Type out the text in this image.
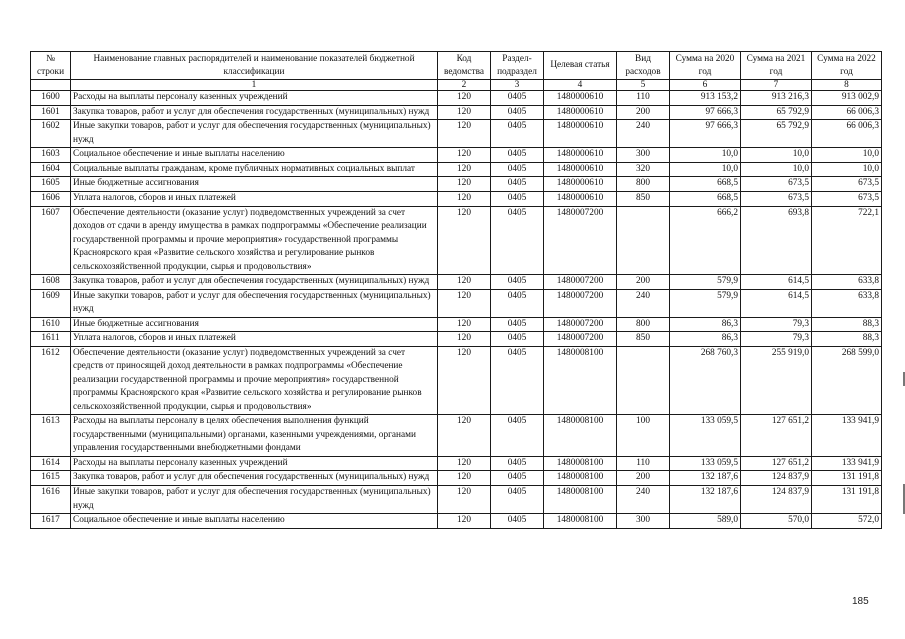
№ строки	Наименование главных распорядителей и наименование показателей бюджетной классификации	Код ведомства	Раздел-подраздел	Целевая статья	Вид расходов	Сумма на 2020 год	Сумма на 2021 год	Сумма на 2022 год
	1	2	3	4	5	6	7	8
1600	Расходы на выплаты персоналу казенных учреждений	120	0405	1480000610	110	913 153,2	913 216,3	913 002,9
1601	Закупка товаров, работ и услуг для обеспечения государственных (муниципальных) нужд	120	0405	1480000610	200	97 666,3	65 792,9	66 006,3
1602	Иные закупки товаров, работ и услуг для обеспечения государственных (муниципальных) нужд	120	0405	1480000610	240	97 666,3	65 792,9	66 006,3
1603	Социальное обеспечение и иные выплаты населению	120	0405	1480000610	300	10,0	10,0	10,0
1604	Социальные выплаты гражданам, кроме публичных нормативных социальных выплат	120	0405	1480000610	320	10,0	10,0	10,0
1605	Иные бюджетные ассигнования	120	0405	1480000610	800	668,5	673,5	673,5
1606	Уплата налогов, сборов и иных платежей	120	0405	1480000610	850	668,5	673,5	673,5
1607	Обеспечение деятельности (оказание услуг) подведомственных учреждений за счет доходов от сдачи в аренду имущества в рамках подпрограммы «Обеспечение реализации государственной программы и прочие мероприятия» государственной программы Красноярского края «Развитие сельского хозяйства и регулирование рынков сельскохозяйственной продукции, сырья и продовольствия»	120	0405	1480007200		666,2	693,8	722,1
1608	Закупка товаров, работ и услуг для обеспечения государственных (муниципальных) нужд	120	0405	1480007200	200	579,9	614,5	633,8
1609	Иные закупки товаров, работ и услуг для обеспечения государственных (муниципальных) нужд	120	0405	1480007200	240	579,9	614,5	633,8
1610	Иные бюджетные ассигнования	120	0405	1480007200	800	86,3	79,3	88,3
1611	Уплата налогов, сборов и иных платежей	120	0405	1480007200	850	86,3	79,3	88,3
1612	Обеспечение деятельности (оказание услуг) подведомственных учреждений за счет средств от приносящей доход деятельности в рамках подпрограммы «Обеспечение реализации государственной программы и прочие мероприятия» государственной программы Красноярского края «Развитие сельского хозяйства и регулирование рынков сельскохозяйственной продукции, сырья и продовольствия»	120	0405	1480008100		268 760,3	255 919,0	268 599,0
1613	Расходы на выплаты персоналу в целях обеспечения выполнения функций государственными (муниципальными) органами, казенными учреждениями, органами управления государственными внебюджетными фондами	120	0405	1480008100	100	133 059,5	127 651,2	133 941,9
1614	Расходы на выплаты персоналу казенных учреждений	120	0405	1480008100	110	133 059,5	127 651,2	133 941,9
1615	Закупка товаров, работ и услуг для обеспечения государственных (муниципальных) нужд	120	0405	1480008100	200	132 187,6	124 837,9	131 191,8
1616	Иные закупки товаров, работ и услуг для обеспечения государственных (муниципальных) нужд	120	0405	1480008100	240	132 187,6	124 837,9	131 191,8
1617	Социальное обеспечение и иные выплаты населению	120	0405	1480008100	300	589,0	570,0	572,0
185
